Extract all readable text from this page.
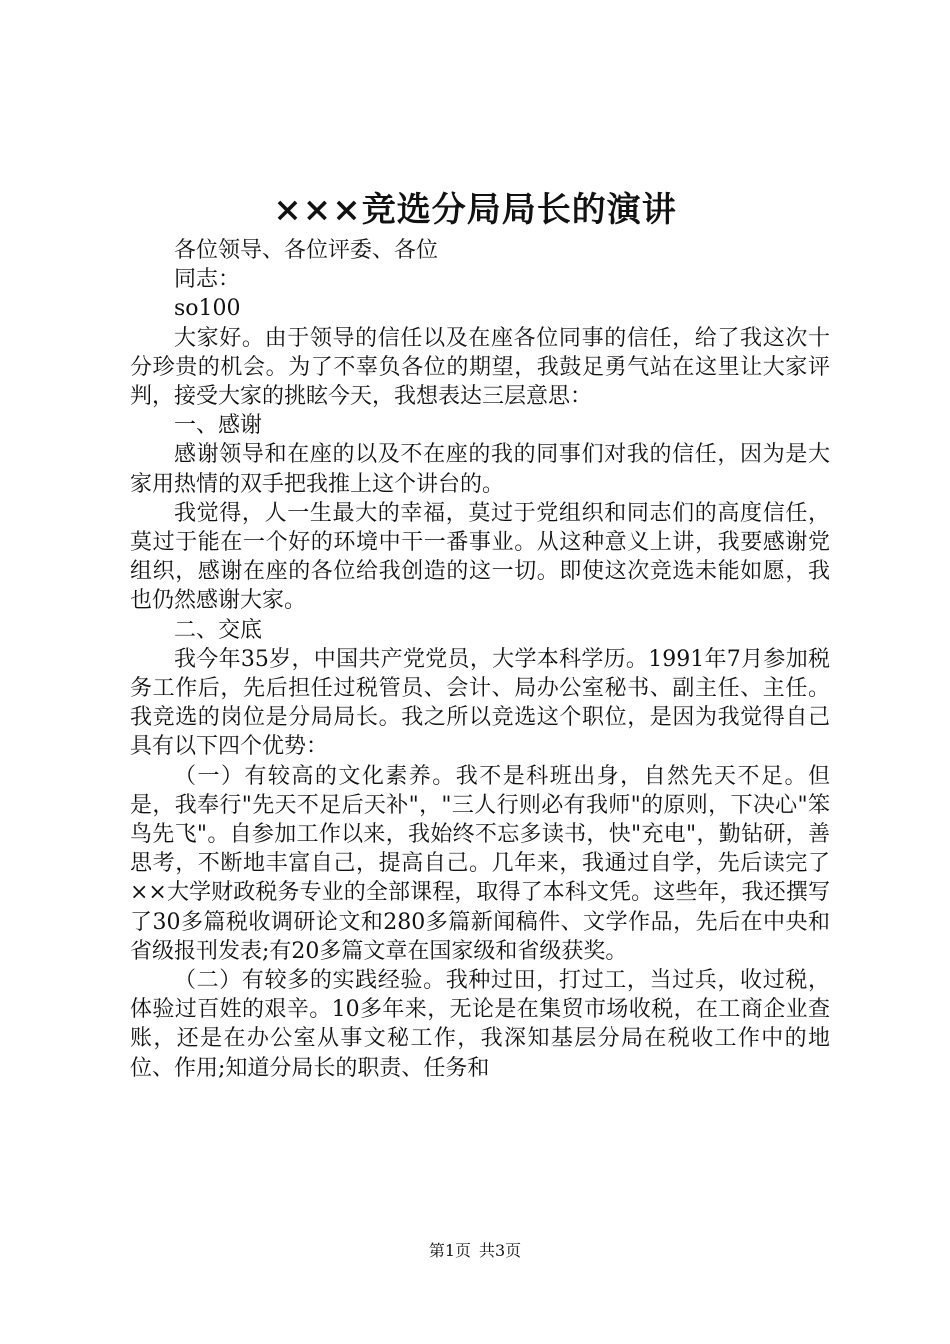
×××竞选分局局长的演讲

各位领导、各位评委、各位

同志：

so100

大家好。由于领导的信任以及在座各位同事的信任，给了我这次十分珍贵的机会。为了不辜负各位的期望，我鼓足勇气站在这里让大家评判，接受大家的挑眩今天，我想表达三层意思：

一、感谢

感谢领导和在座的以及不在座的我的同事们对我的信任，因为是大家用热情的双手把我推上这个讲台的。

我觉得，人一生最大的幸福，莫过于党组织和同志们的高度信任，莫过于能在一个好的环境中干一番事业。从这种意义上讲，我要感谢党组织，感谢在座的各位给我创造的这一切。即使这次竞选未能如愿，我也仍然感谢大家。

二、交底

我今年35岁，中国共产党党员，大学本科学历。1991年7月参加税务工作后，先后担任过税管员、会计、局办公室秘书、副主任、主任。我竞选的岗位是分局局长。我之所以竞选这个职位，是因为我觉得自己具有以下四个优势：

（一）有较高的文化素养。我不是科班出身，自然先天不足。但是，我奉行"先天不足后天补"，"三人行则必有我师"的原则，下决心"笨鸟先飞"。自参加工作以来，我始终不忘多读书，快"充电"，勤钻研，善思考，不断地丰富自己，提高自己。几年来，我通过自学，先后读完了××大学财政税务专业的全部课程，取得了本科文凭。这些年，我还撰写了30多篇税收调研论文和280多篇新闻稿件、文学作品，先后在中央和省级报刊发表;有20多篇文章在国家级和省级获奖。

（二）有较多的实践经验。我种过田，打过工，当过兵，收过税，体验过百姓的艰辛。10多年来，无论是在集贸市场收税，在工商企业查账，还是在办公室从事文秘工作，我深知基层分局在税收工作中的地位、作用;知道分局长的职责、任务和

第1页 共3页
